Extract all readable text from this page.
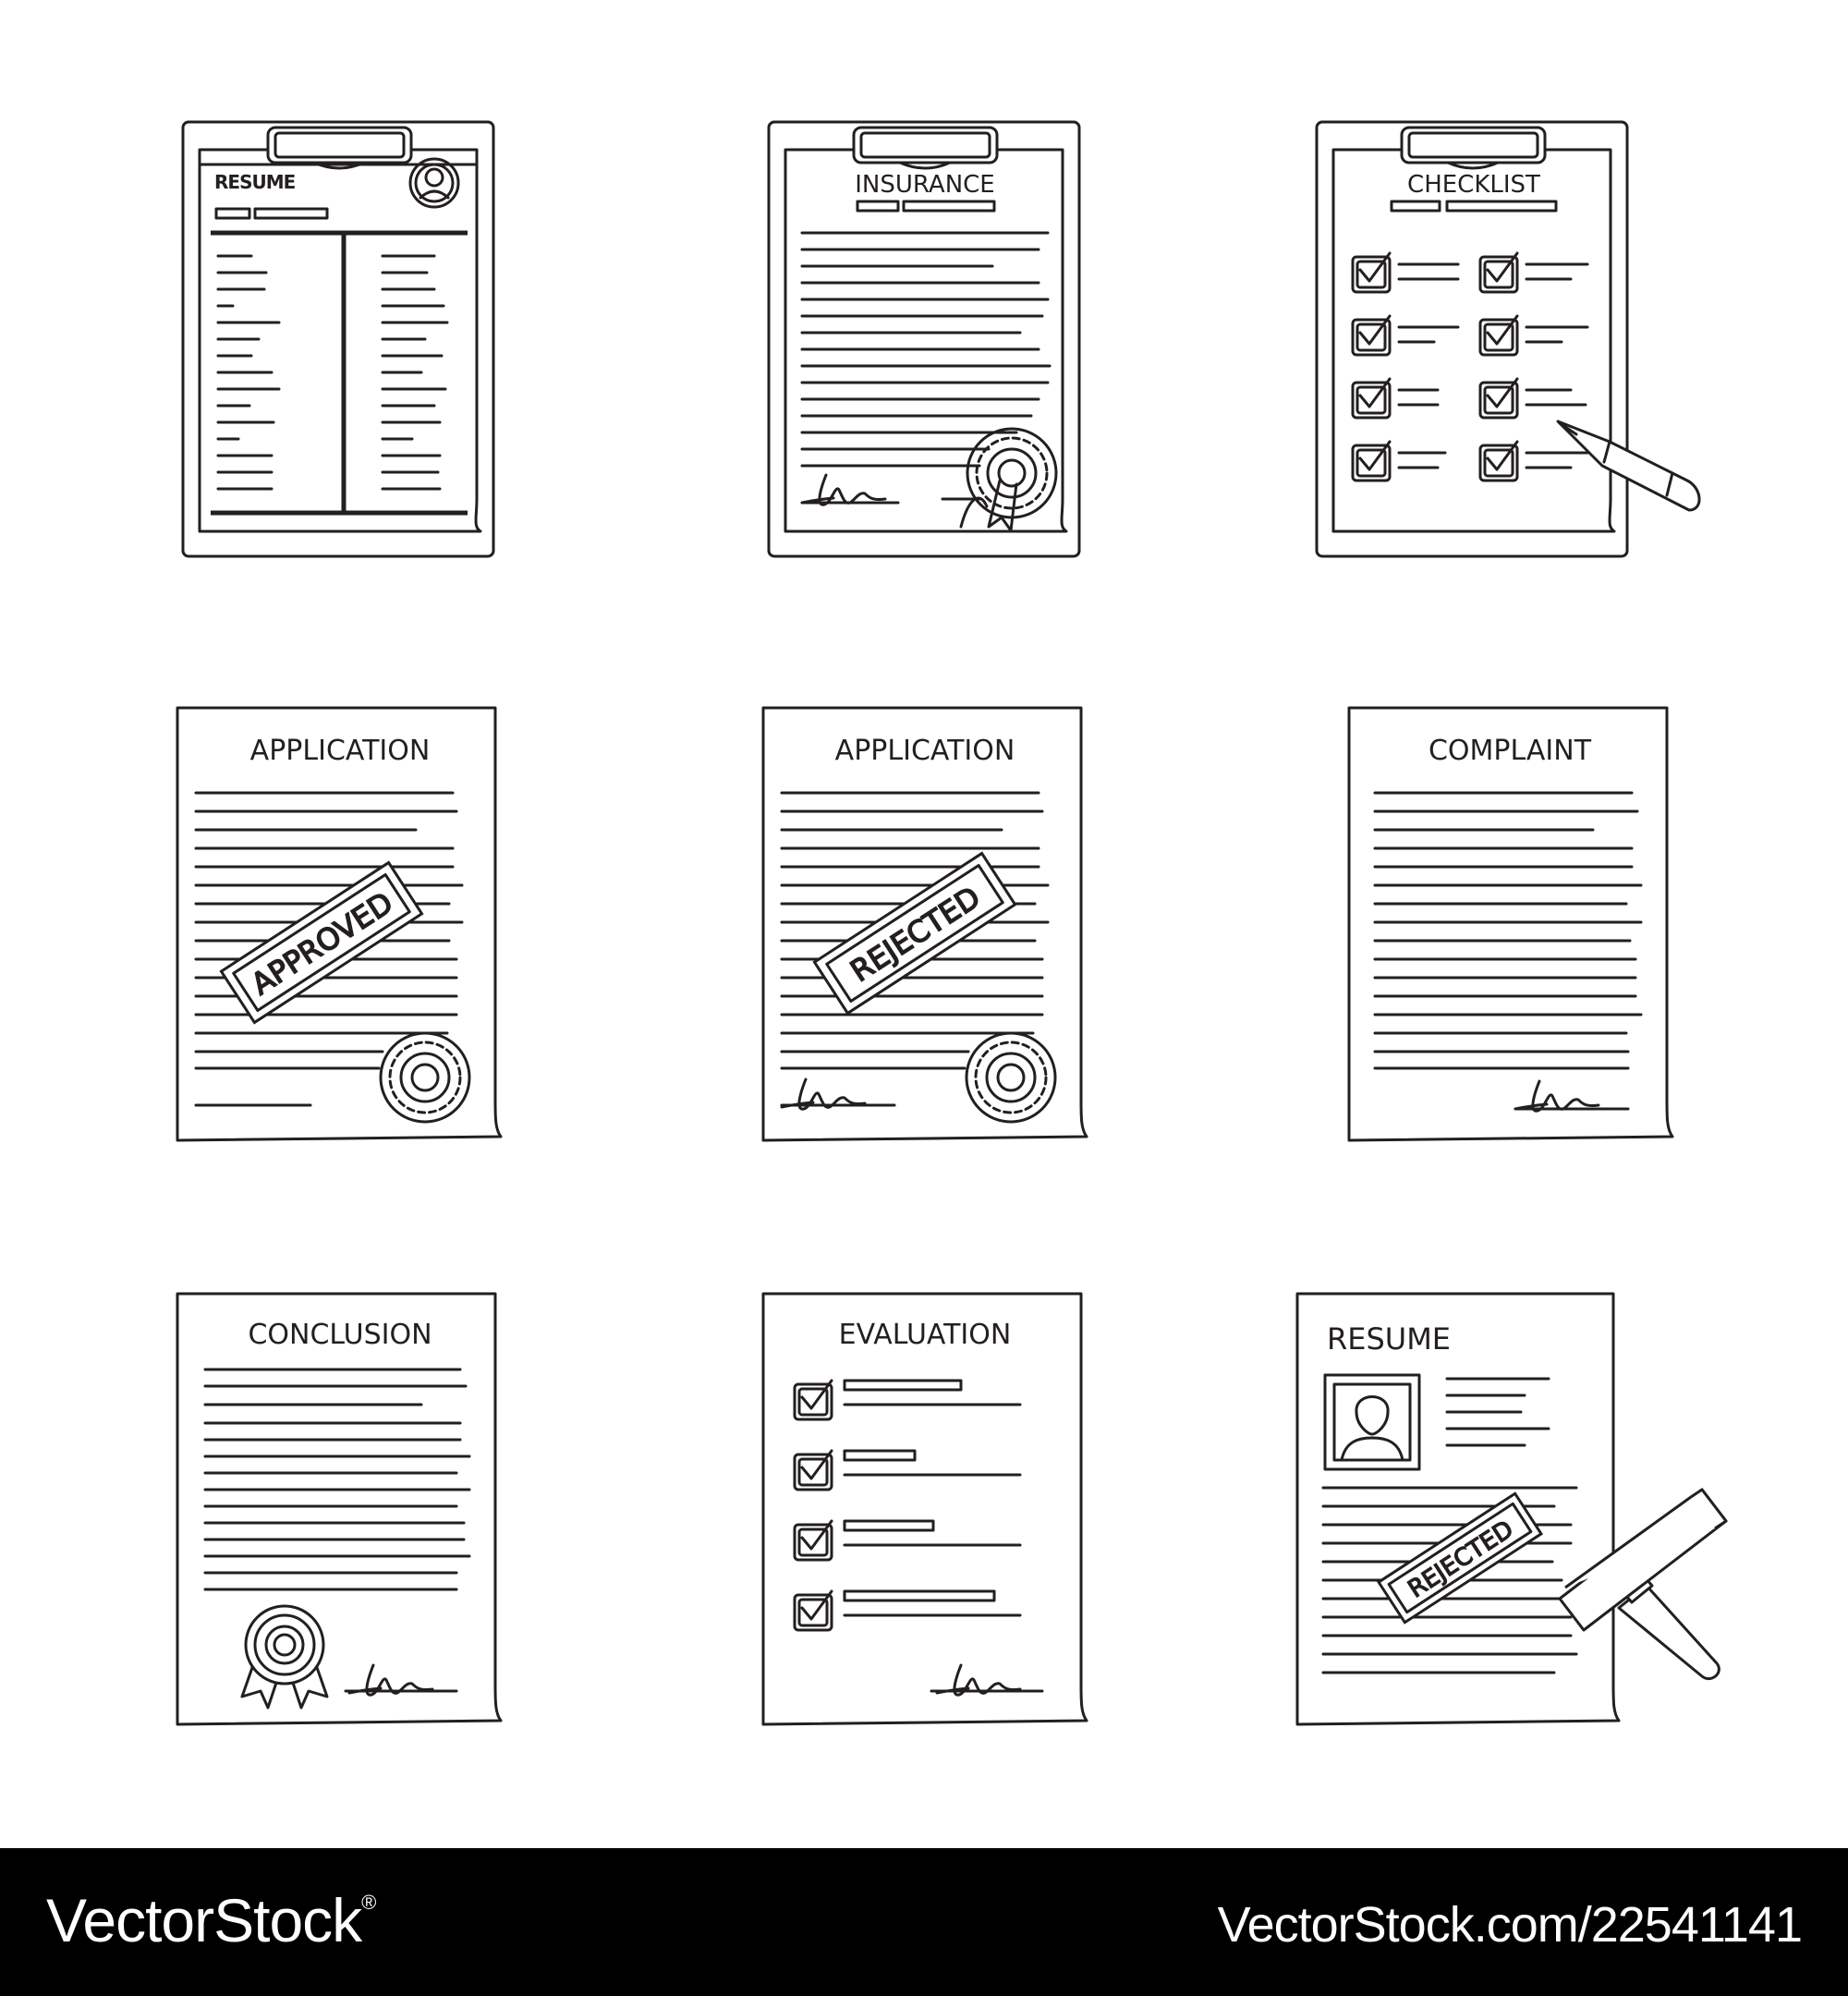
RESUME	INSURANCE	CHECKLIST
APPLICATION
APPROVED
APPLICATION
REJECTED
COMPLAINT
CONCLUSION	EVALUATION	RESUME
REJECTED
VectorStock®	VectorStock.com/22541141
